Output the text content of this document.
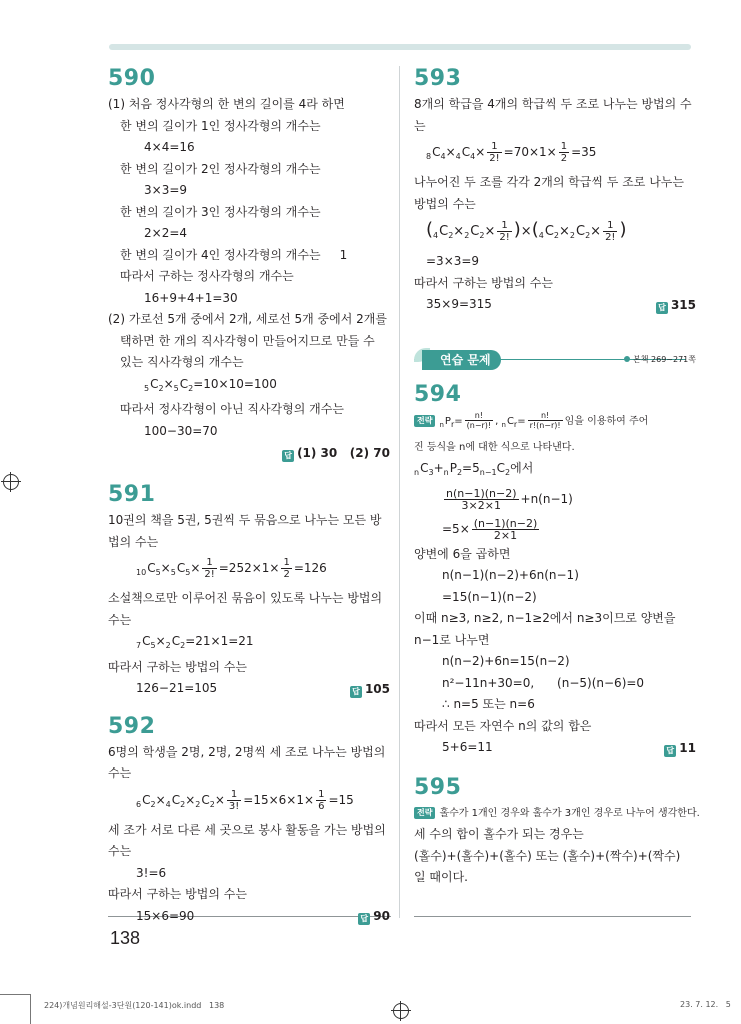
590
(1) 처음 정사각형의 한 변의 길이를 4라 하면
한 변의 길이가 1인 정사각형의 개수는
4×4=16
한 변의 길이가 2인 정사각형의 개수는
3×3=9
한 변의 길이가 3인 정사각형의 개수는
2×2=4
한 변의 길이가 4인 정사각형의 개수는     1
따라서 구하는 정사각형의 개수는
16+9+4+1=30
(2) 가로선 5개 중에서 2개, 세로선 5개 중에서 2개를
택하면 한 개의 직사각형이 만들어지므로 만들 수
있는 직사각형의 개수는
$_5C_2\times_5C_2=10\times 10=100$
따라서 정사각형이 아닌 직사각형의 개수는
100−30=70
답 (1) 30   (2) 70
591
10권의 책을 5권, 5권씩 두 묶음으로 나누는 모든 방
법의 수는
$_{10}C_5\times_5C_5\times \frac{1}{2!} =252\times 1\times \frac{1}{2} =126$
소설책으로만 이루어진 묶음이 있도록 나누는 방법의
수는
$_7C_5\times_2C_2=21\times 1=21$
따라서 구하는 방법의 수는
126−21=105	답 105
592
6명의 학생을 2명, 2명, 2명씩 세 조로 나누는 방법의
수는
$_6C_2\times_4C_2\times_2C_2\times \frac{1}{3!} =15\times 6\times 1\times \frac{1}{6} =15$
세 조가 서로 다른 세 곳으로 봉사 활동을 가는 방법의
수는
3!=6
따라서 구하는 방법의 수는
15×6=90	답 90
593
8개의 학급을 4개의 학급씩 두 조로 나누는 방법의 수
는
$_8C_4\times_4C_4\times \frac{1}{2!} =70\times 1\times \frac{1}{2} =35$
나누어진 두 조를 각각 2개의 학급씩 두 조로 나누는
방법의 수는
$(_4C_2\times_2C_2\times \frac{1}{2!} )\times(_4C_2\times_2C_2\times \frac{1}{2!}$ )
=3×3=9
따라서 구하는 방법의 수는
35×9=315	답 315
연습 문제	본책 269~271쪽
594
전략 $_nP_r= \frac{n!}{(n-r)!}$ , $_nC_r= \frac{n!}{r!(n-r)!}$ 임을 이용하여 주어
진 등식을 n에 대한 식으로 나타낸다.
$_nC_3+_nP_2=5_{n-1}C_2$에서
$\frac{n(n-1)(n-2)}{3\times 2\times 1} +n(n-1)$
$=5\times \frac{(n-1)(n-2)}{2\times 1}$
양변에 6을 곱하면
n(n−1)(n−2)+6n(n−1)
=15(n−1)(n−2)
이때 n≥3, n≥2, n−1≥2에서 n≥3이므로 양변을
n−1로 나누면
n(n−2)+6n=15(n−2)
n²−11n+30=0,      (n−5)(n−6)=0
∴ n=5 또는 n=6
따라서 모든 자연수 n의 값의 합은
5+6=11	답 11
595
전략 홀수가 1개인 경우와 홀수가 3개인 경우로 나누어 생각한다.
세 수의 합이 홀수가 되는 경우는
(홀수)+(홀수)+(홀수) 또는 (홀수)+(짝수)+(짝수)
일 때이다.
138
224)개념원리해설-3단원(120-141)ok.indd   138	23. 7. 12.   5
